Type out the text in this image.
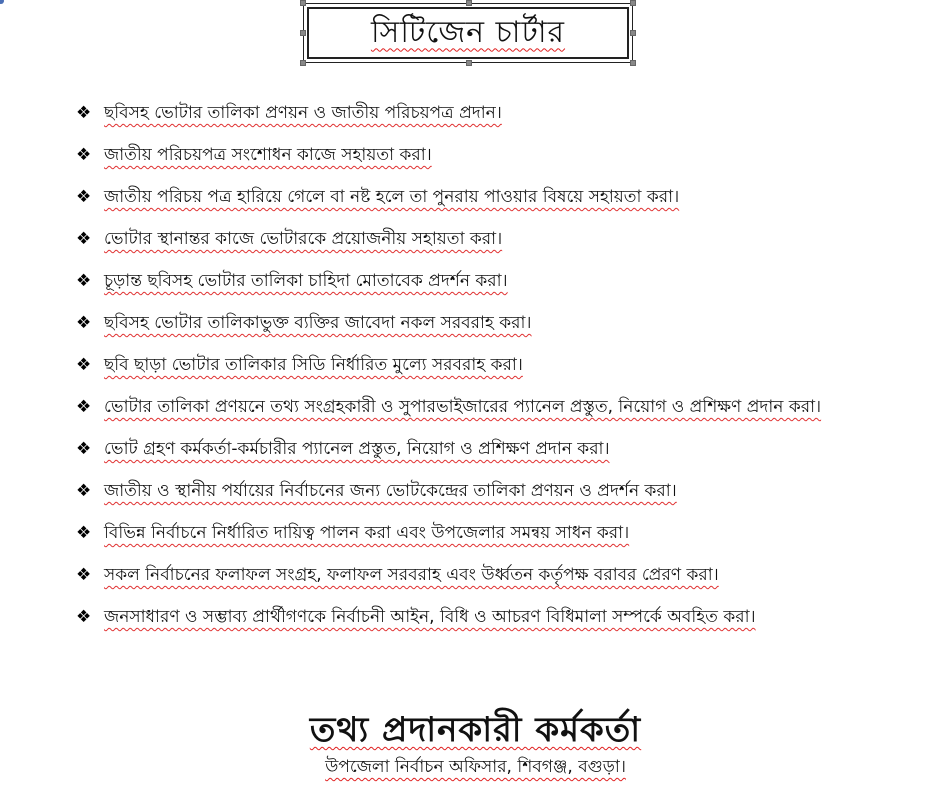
সিটিজেন চার্টার
❖ ছবিসহ ভোটার তালিকা প্রণয়ন ও জাতীয় পরিচয়পত্র প্রদান।
❖ জাতীয় পরিচয়পত্র সংশোধন কাজে সহায়তা করা।
❖ জাতীয় পরিচয় পত্র হারিয়ে গেলে বা নষ্ট হলে তা পুনরায় পাওয়ার বিষয়ে সহায়তা করা।
❖ ভোটার স্থানান্তর কাজে ভোটারকে প্রয়োজনীয় সহায়তা করা।
❖ চূড়ান্ত ছবিসহ ভোটার তালিকা চাহিদা মোতাবেক প্রদর্শন করা।
❖ ছবিসহ ভোটার তালিকাভুক্ত ব্যক্তির জাবেদা নকল সরবরাহ করা।
❖ ছবি ছাড়া ভোটার তালিকার সিডি নির্ধারিত মুল্যে সরবরাহ করা।
❖ ভোটার তালিকা প্রণয়নে তথ্য সংগ্রহকারী ও সুপারভাইজারের প্যানেল প্রস্তুত, নিয়োগ ও প্রশিক্ষণ প্রদান করা।
❖ ভোট গ্রহণ কর্মকর্তা-কর্মচারীর প্যানেল প্রস্তুত, নিয়োগ ও প্রশিক্ষণ প্রদান করা।
❖ জাতীয় ও স্থানীয় পর্যায়ের নির্বাচনের জন্য ভোটকেন্দ্রের তালিকা প্রণয়ন ও প্রদর্শন করা।
❖ বিভিন্ন নির্বাচনে নির্ধারিত দায়িত্ব পালন করা এবং উপজেলার সমন্বয় সাধন করা।
❖ সকল নির্বাচনের ফলাফল সংগ্রহ, ফলাফল সরবরাহ এবং উর্ধ্বতন কর্তৃপক্ষ বরাবর প্রেরণ করা।
❖ জনসাধারণ ও সম্ভাব্য প্রার্থীগণকে নির্বাচনী আইন, বিধি ও আচরণ বিধিমালা সম্পর্কে অবহিত করা।
তথ্য প্রদানকারী কর্মকর্তা
উপজেলা নির্বাচন অফিসার, শিবগঞ্জ, বগুড়া।
